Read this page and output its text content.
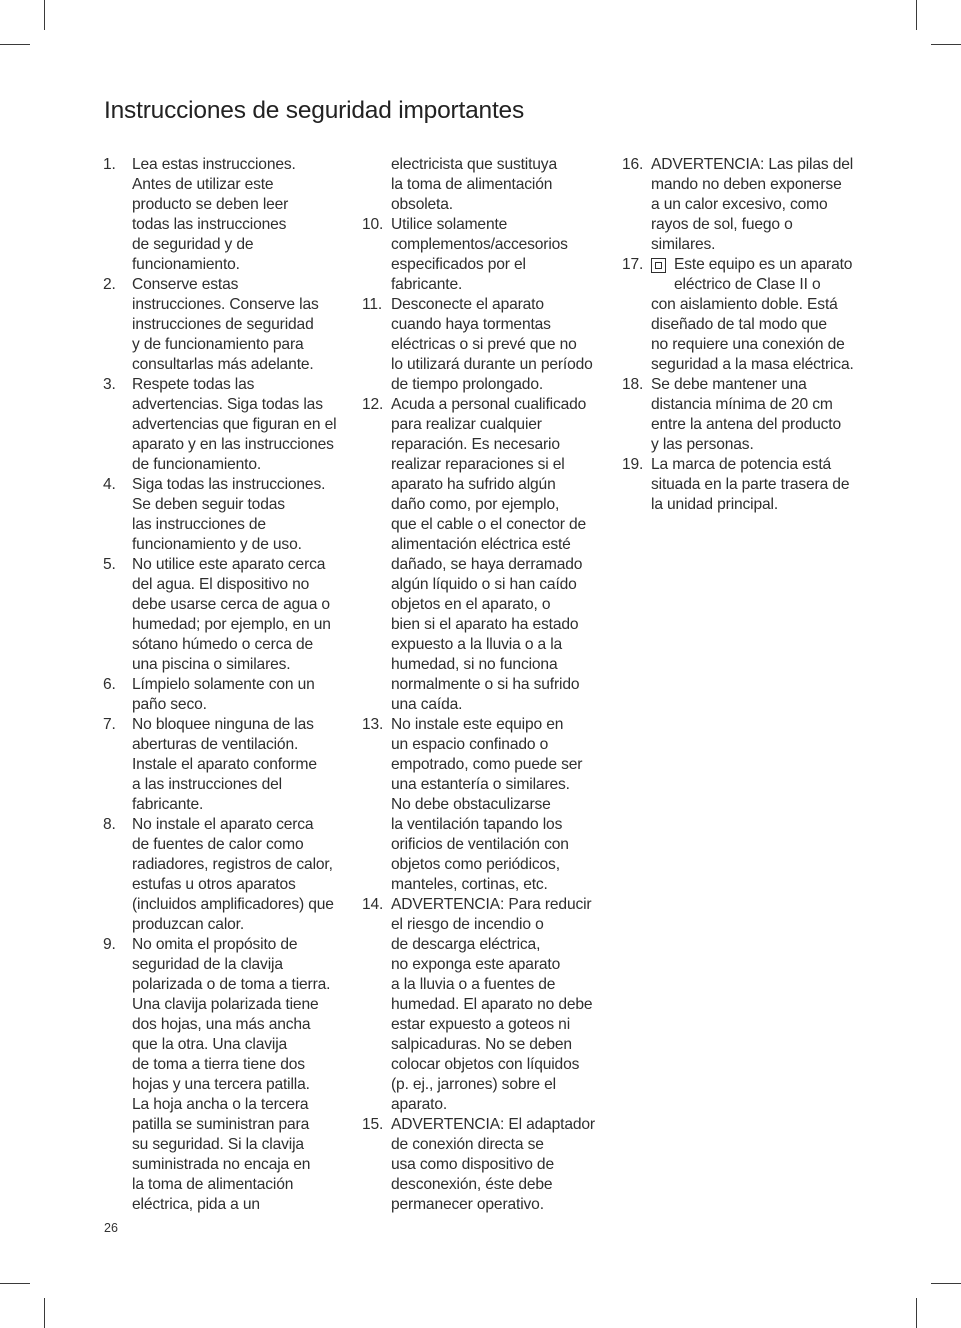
Instrucciones de seguridad importantes
1. Lea estas instrucciones.
Antes de utilizar este
producto se deben leer
todas las instrucciones
de seguridad y de
funcionamiento.
2. Conserve estas
instrucciones. Conserve las
instrucciones de seguridad
y de funcionamiento para
consultarlas más adelante.
3. Respete todas las
advertencias. Siga todas las
advertencias que figuran en el
aparato y en las instrucciones
de funcionamiento.
4. Siga todas las instrucciones.
Se deben seguir todas
las instrucciones de
funcionamiento y de uso.
5. No utilice este aparato cerca
del agua. El dispositivo no
debe usarse cerca de agua o
humedad; por ejemplo, en un
sótano húmedo o cerca de
una piscina o similares.
6. Límpielo solamente con un
paño seco.
7. No bloquee ninguna de las
aberturas de ventilación.
Instale el aparato conforme
a las instrucciones del
fabricante.
8. No instale el aparato cerca
de fuentes de calor como
radiadores, registros de calor,
estufas u otros aparatos
(incluidos amplificadores) que
produzcan calor.
9. No omita el propósito de
seguridad de la clavija
polarizada o de toma a tierra.
Una clavija polarizada tiene
dos hojas, una más ancha
que la otra. Una clavija
de toma a tierra tiene dos
hojas y una tercera patilla.
La hoja ancha o la tercera
patilla se suministran para
su seguridad. Si la clavija
suministrada no encaja en
la toma de alimentación
eléctrica, pida a un
electricista que sustituya
la toma de alimentación
obsoleta.
10. Utilice solamente
complementos/accesorios
especificados por el
fabricante.
11. Desconecte el aparato
cuando haya tormentas
eléctricas o si prevé que no
lo utilizará durante un período
de tiempo prolongado.
12. Acuda a personal cualificado
para realizar cualquier
reparación. Es necesario
realizar reparaciones si el
aparato ha sufrido algún
daño como, por ejemplo,
que el cable o el conector de
alimentación eléctrica esté
dañado, se haya derramado
algún líquido o si han caído
objetos en el aparato, o
bien si el aparato ha estado
expuesto a la lluvia o a la
humedad, si no funciona
normalmente o si ha sufrido
una caída.
13. No instale este equipo en
un espacio confinado o
empotrado, como puede ser
una estantería o similares.
No debe obstaculizarse
la ventilación tapando los
orificios de ventilación con
objetos como periódicos,
manteles, cortinas, etc.
14. ADVERTENCIA: Para reducir
el riesgo de incendio o
de descarga eléctrica,
no exponga este aparato
a la lluvia o a fuentes de
humedad. El aparato no debe
estar expuesto a goteos ni
salpicaduras. No se deben
colocar objetos con líquidos
(p. ej., jarrones) sobre el
aparato.
15. ADVERTENCIA: El adaptador
de conexión directa se
usa como dispositivo de
desconexión, éste debe
permanecer operativo.
16. ADVERTENCIA: Las pilas del
mando no deben exponerse
a un calor excesivo, como
rayos de sol, fuego o
similares.
17.	Este equipo es un aparato
eléctrico de Clase II o
con aislamiento doble. Está
diseñado de tal modo que
no requiere una conexión de
seguridad a la masa eléctrica.
18. Se debe mantener una
distancia mínima de 20 cm
entre la antena del producto
y las personas.
19. La marca de potencia está
situada en la parte trasera de
la unidad principal.
26
